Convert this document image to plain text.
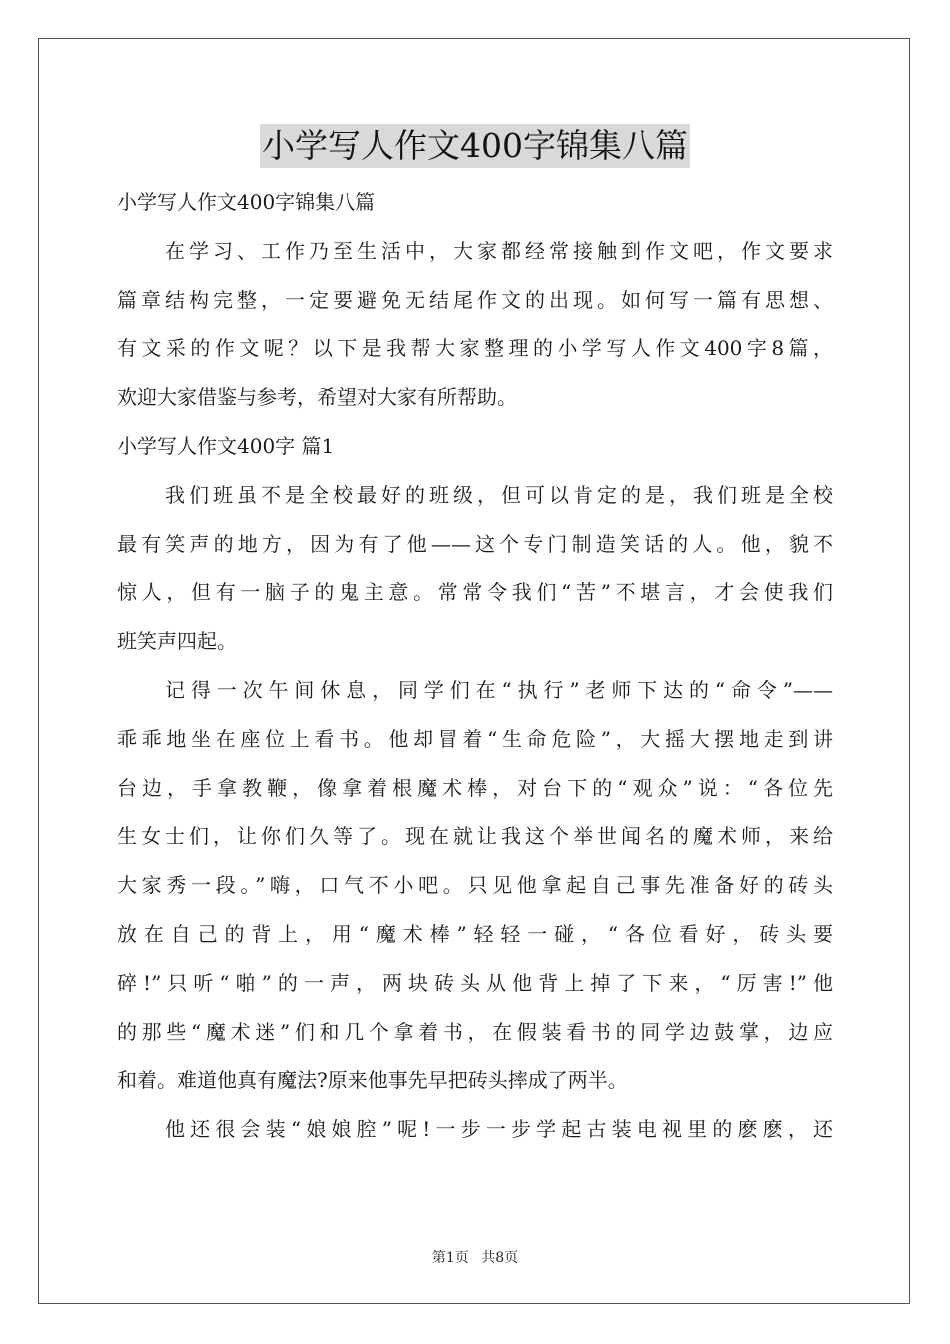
小学写人作文400字锦集八篇
小学写人作文400字锦集八篇
在学习、工作乃至生活中，大家都经常接触到作文吧，作文要求
篇章结构完整，一定要避免无结尾作文的出现。如何写一篇有思想、
有文采的作文呢？以下是我帮大家整理的小学写人作文400字8篇，
欢迎大家借鉴与参考，希望对大家有所帮助。
小学写人作文400字 篇1
我们班虽不是全校最好的班级，但可以肯定的是，我们班是全校
最有笑声的地方，因为有了他——这个专门制造笑话的人。他，貌不
惊人，但有一脑子的鬼主意。常常令我们“苦”不堪言，才会使我们
班笑声四起。
记得一次午间休息，同学们在“执行”老师下达的“命令”——
乖乖地坐在座位上看书。他却冒着“生命危险”，大摇大摆地走到讲
台边，手拿教鞭，像拿着根魔术棒，对台下的“观众”说：“各位先
生女士们，让你们久等了。现在就让我这个举世闻名的魔术师，来给
大家秀一段。”嗨，口气不小吧。只见他拿起自己事先准备好的砖头
放在自己的背上，用“魔术棒”轻轻一碰，“各位看好，砖头要
碎!”只听“啪”的一声，两块砖头从他背上掉了下来，“厉害!”他
的那些“魔术迷”们和几个拿着书，在假装看书的同学边鼓掌，边应
和着。难道他真有魔法?原来他事先早把砖头摔成了两半。
他还很会装“娘娘腔”呢!一步一步学起古装电视里的麽麽，还
第1页 共8页
